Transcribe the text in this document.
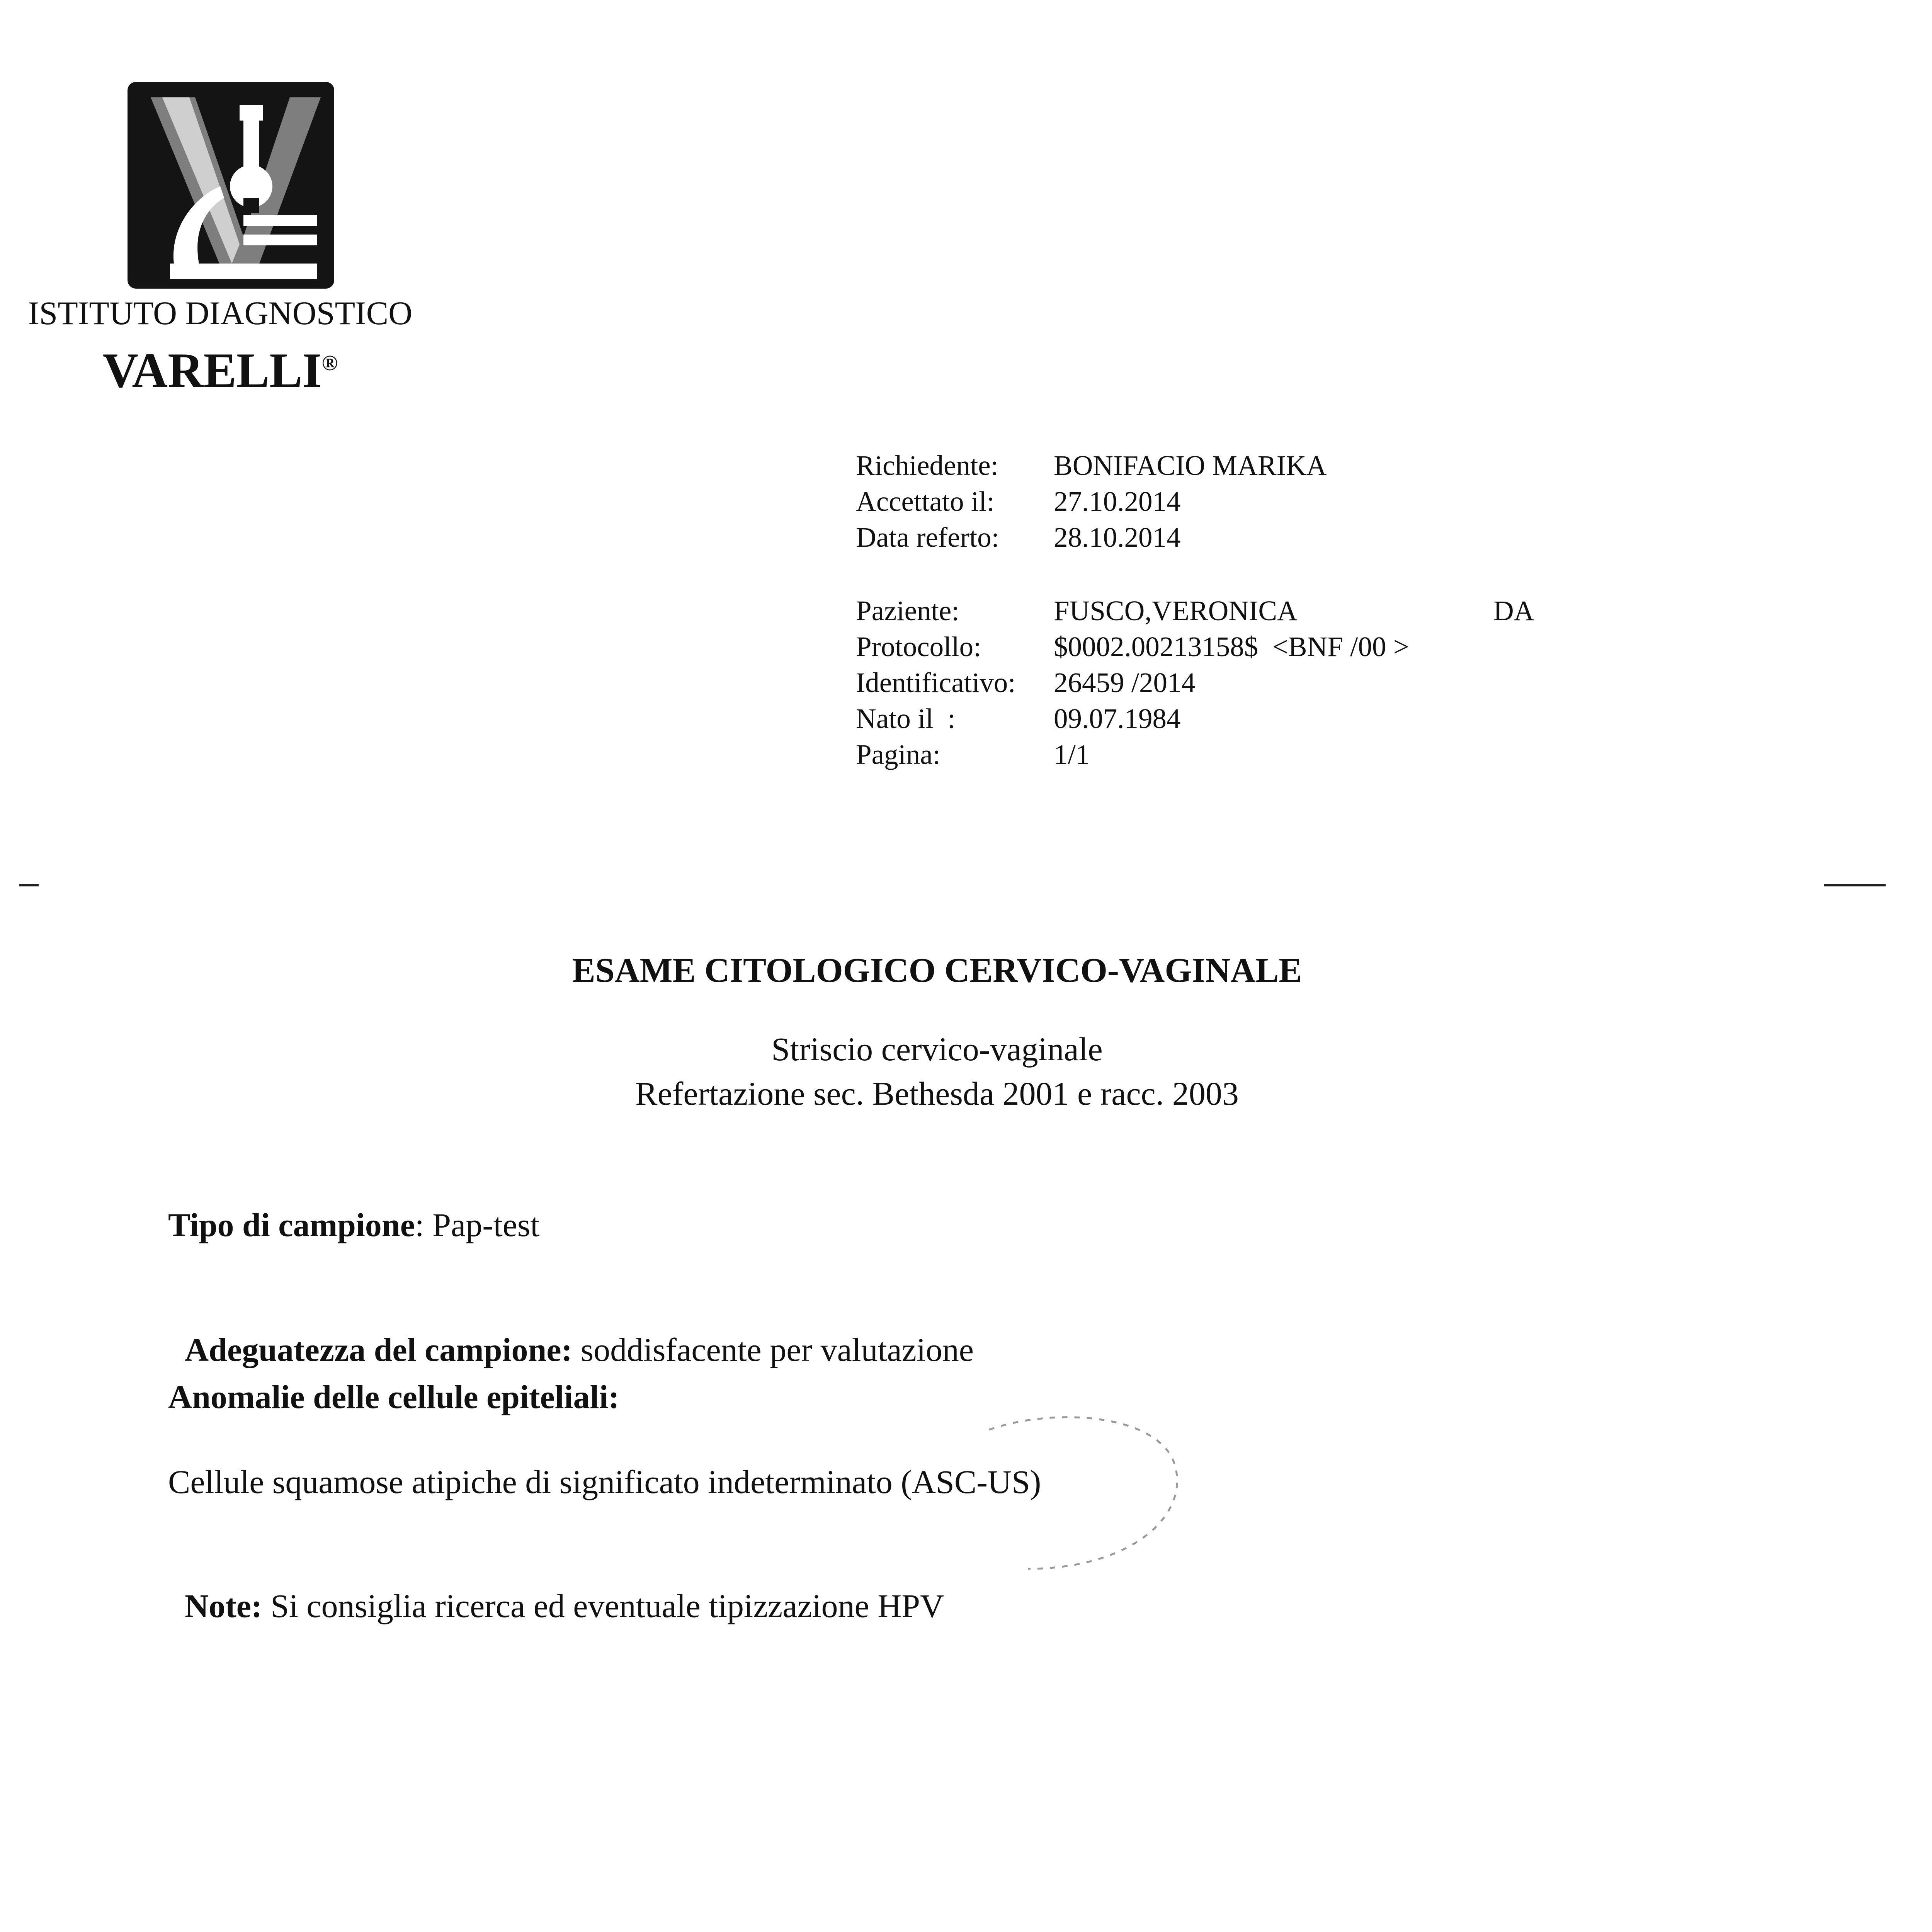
ISTITUTO DIAGNOSTICO
VARELLI®
Richiedente: BONIFACIO MARIKA
Accettato il: 27.10.2014
Data referto: 28.10.2014
Paziente:	FUSCO,VERONICA	DA
Protocollo:	$0002.00213158$  <BNF /00 >
Identificativo: 26459 /2014
Nato il  :	09.07.1984
Pagina:	1/1
ESAME CITOLOGICO CERVICO-VAGINALE
Striscio cervico-vaginale
Refertazione sec. Bethesda 2001 e racc. 2003
Tipo di campione: Pap-test

Adeguatezza del campione: soddisfacente per valutazione

Anomalie delle cellule epiteliali:
Cellule squamose atipiche di significato indeterminato (ASC-US)

Note: Si consiglia ricerca ed eventuale tipizzazione HPV
